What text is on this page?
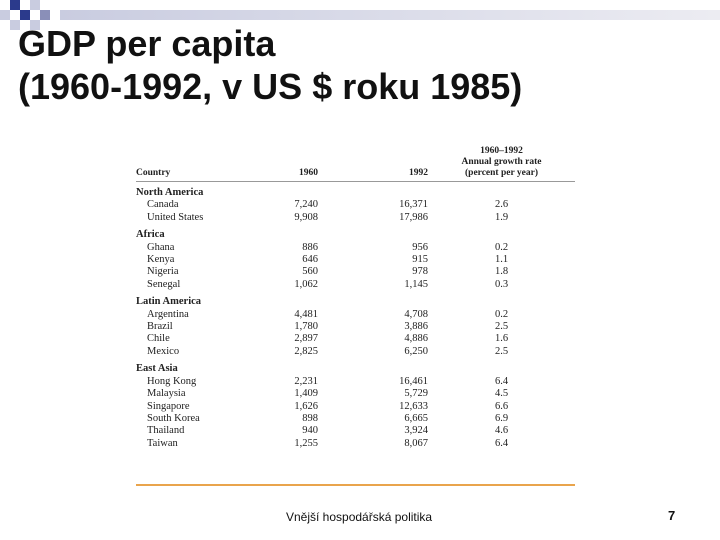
GDP per capita
(1960-1992, v US $ roku 1985)
Country	1960	1992	1960–1992
Annual growth rate
(percent per year)

North America			
Canada	7,240	16,371	2.6
United States	9,908	17,986	1.9
Africa			
Ghana	886	956	0.2
Kenya	646	915	1.1
Nigeria	560	978	1.8
Senegal	1,062	1,145	0.3
Latin America			
Argentina	4,481	4,708	0.2
Brazil	1,780	3,886	2.5
Chile	2,897	4,886	1.6
Mexico	2,825	6,250	2.5
East Asia			
Hong Kong	2,231	16,461	6.4
Malaysia	1,409	5,729	4.5
Singapore	1,626	12,633	6.6
South Korea	898	6,665	6.9
Thailand	940	3,924	4.6
Taiwan	1,255	8,067	6.4
Vnější hospodářská politika	7
